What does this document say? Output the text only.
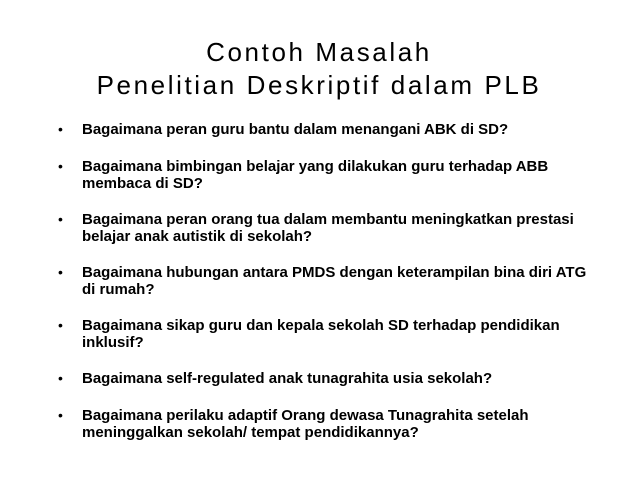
Contoh Masalah
Penelitian Deskriptif dalam PLB
• Bagaimana peran guru bantu dalam menangani ABK di SD?
• Bagaimana bimbingan belajar yang dilakukan guru terhadap ABB membaca di SD?
• Bagaimana peran orang tua dalam membantu meningkatkan prestasi belajar anak autistik di sekolah?
• Bagaimana hubungan antara PMDS dengan keterampilan bina diri ATG di rumah?
• Bagaimana sikap guru dan kepala sekolah SD terhadap pendidikan inklusif?
• Bagaimana self-regulated anak tunagrahita usia sekolah?
• Bagaimana perilaku adaptif Orang dewasa Tunagrahita setelah meninggalkan sekolah/ tempat pendidikannya?
